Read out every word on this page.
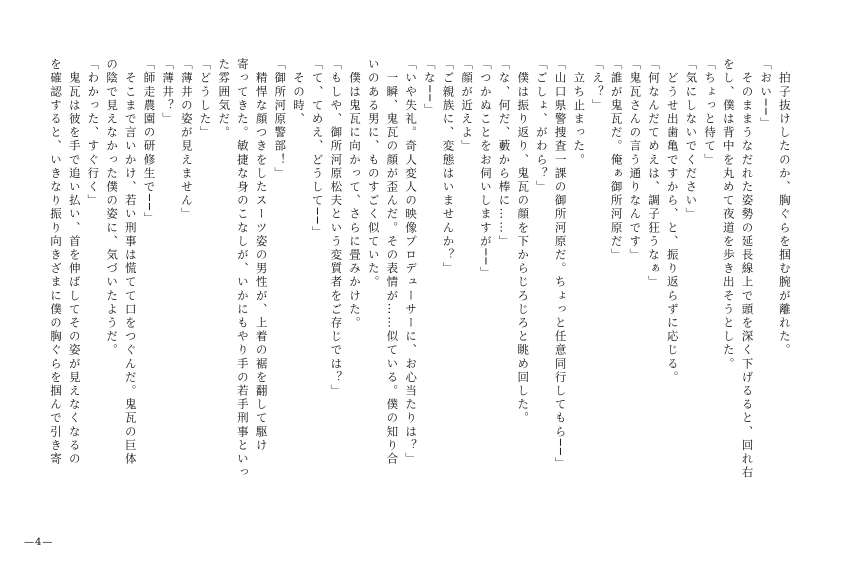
　拍子抜けしたのか、胸ぐらを掴む腕が離れた。
「おい──」
　そのままうなだれた姿勢の延長線上で頭を深く下げるると、回れ右
をし、僕は背中を丸めて夜道を歩き出そうとした。
「ちょっと待て」
「気にしないでください」
　どうせ出歯亀ですから、と、振り返らずに応じる。
「何なんだてめえは、調子狂うなぁ」
「鬼瓦さんの言う通りなんです」
「誰が鬼瓦だ。俺ぁ御所河原だ」
「え？」
　立ち止まった。
「山口県警捜査一課の御所河原だ。ちょっと任意同行してもら──」
「ごしょ、がわら？」
　僕は振り返り、鬼瓦の顔を下からじろじろと眺め回した。
「な、何だ、藪から棒に……」
「つかぬことをお伺いしますが──」
「顔が近えよ」
「ご親族に、変態はいませんか？」
「な──」
「いや失礼。奇人変人の映像プロデューサーに、お心当たりは？」
　一瞬、鬼瓦の顔が歪んだ。その表情が……似ている。僕の知り合
いのある男に、ものすごく似ていた。
　僕は鬼瓦に向かって、さらに畳みかけた。
「もしや、御所河原松夫という変質者をご存じでは？」
「て、てめえ、どうして──」
　その時、
「御所河原警部！」
　精悍な顔つきをしたスーツ姿の男性が、上着の裾を翻して駆け
寄ってきた。敏捷な身のこなしが、いかにもやり手の若手刑事といっ
た雰囲気だ。
「どうした」
「薄井の姿が見えません」
「薄井？」
「師走農園の研修生で──」
　そこまで言いかけ、若い刑事は慌てて口をつぐんだ。鬼瓦の巨体
の陰で見えなかった僕の姿に、気づいたようだ。
「わかった、すぐ行く」
　鬼瓦は彼を手で追い払い、首を伸ばしてその姿が見えなくなるの
を確認すると、いきなり振り向きざまに僕の胸ぐらを掴んで引き寄
—4—
